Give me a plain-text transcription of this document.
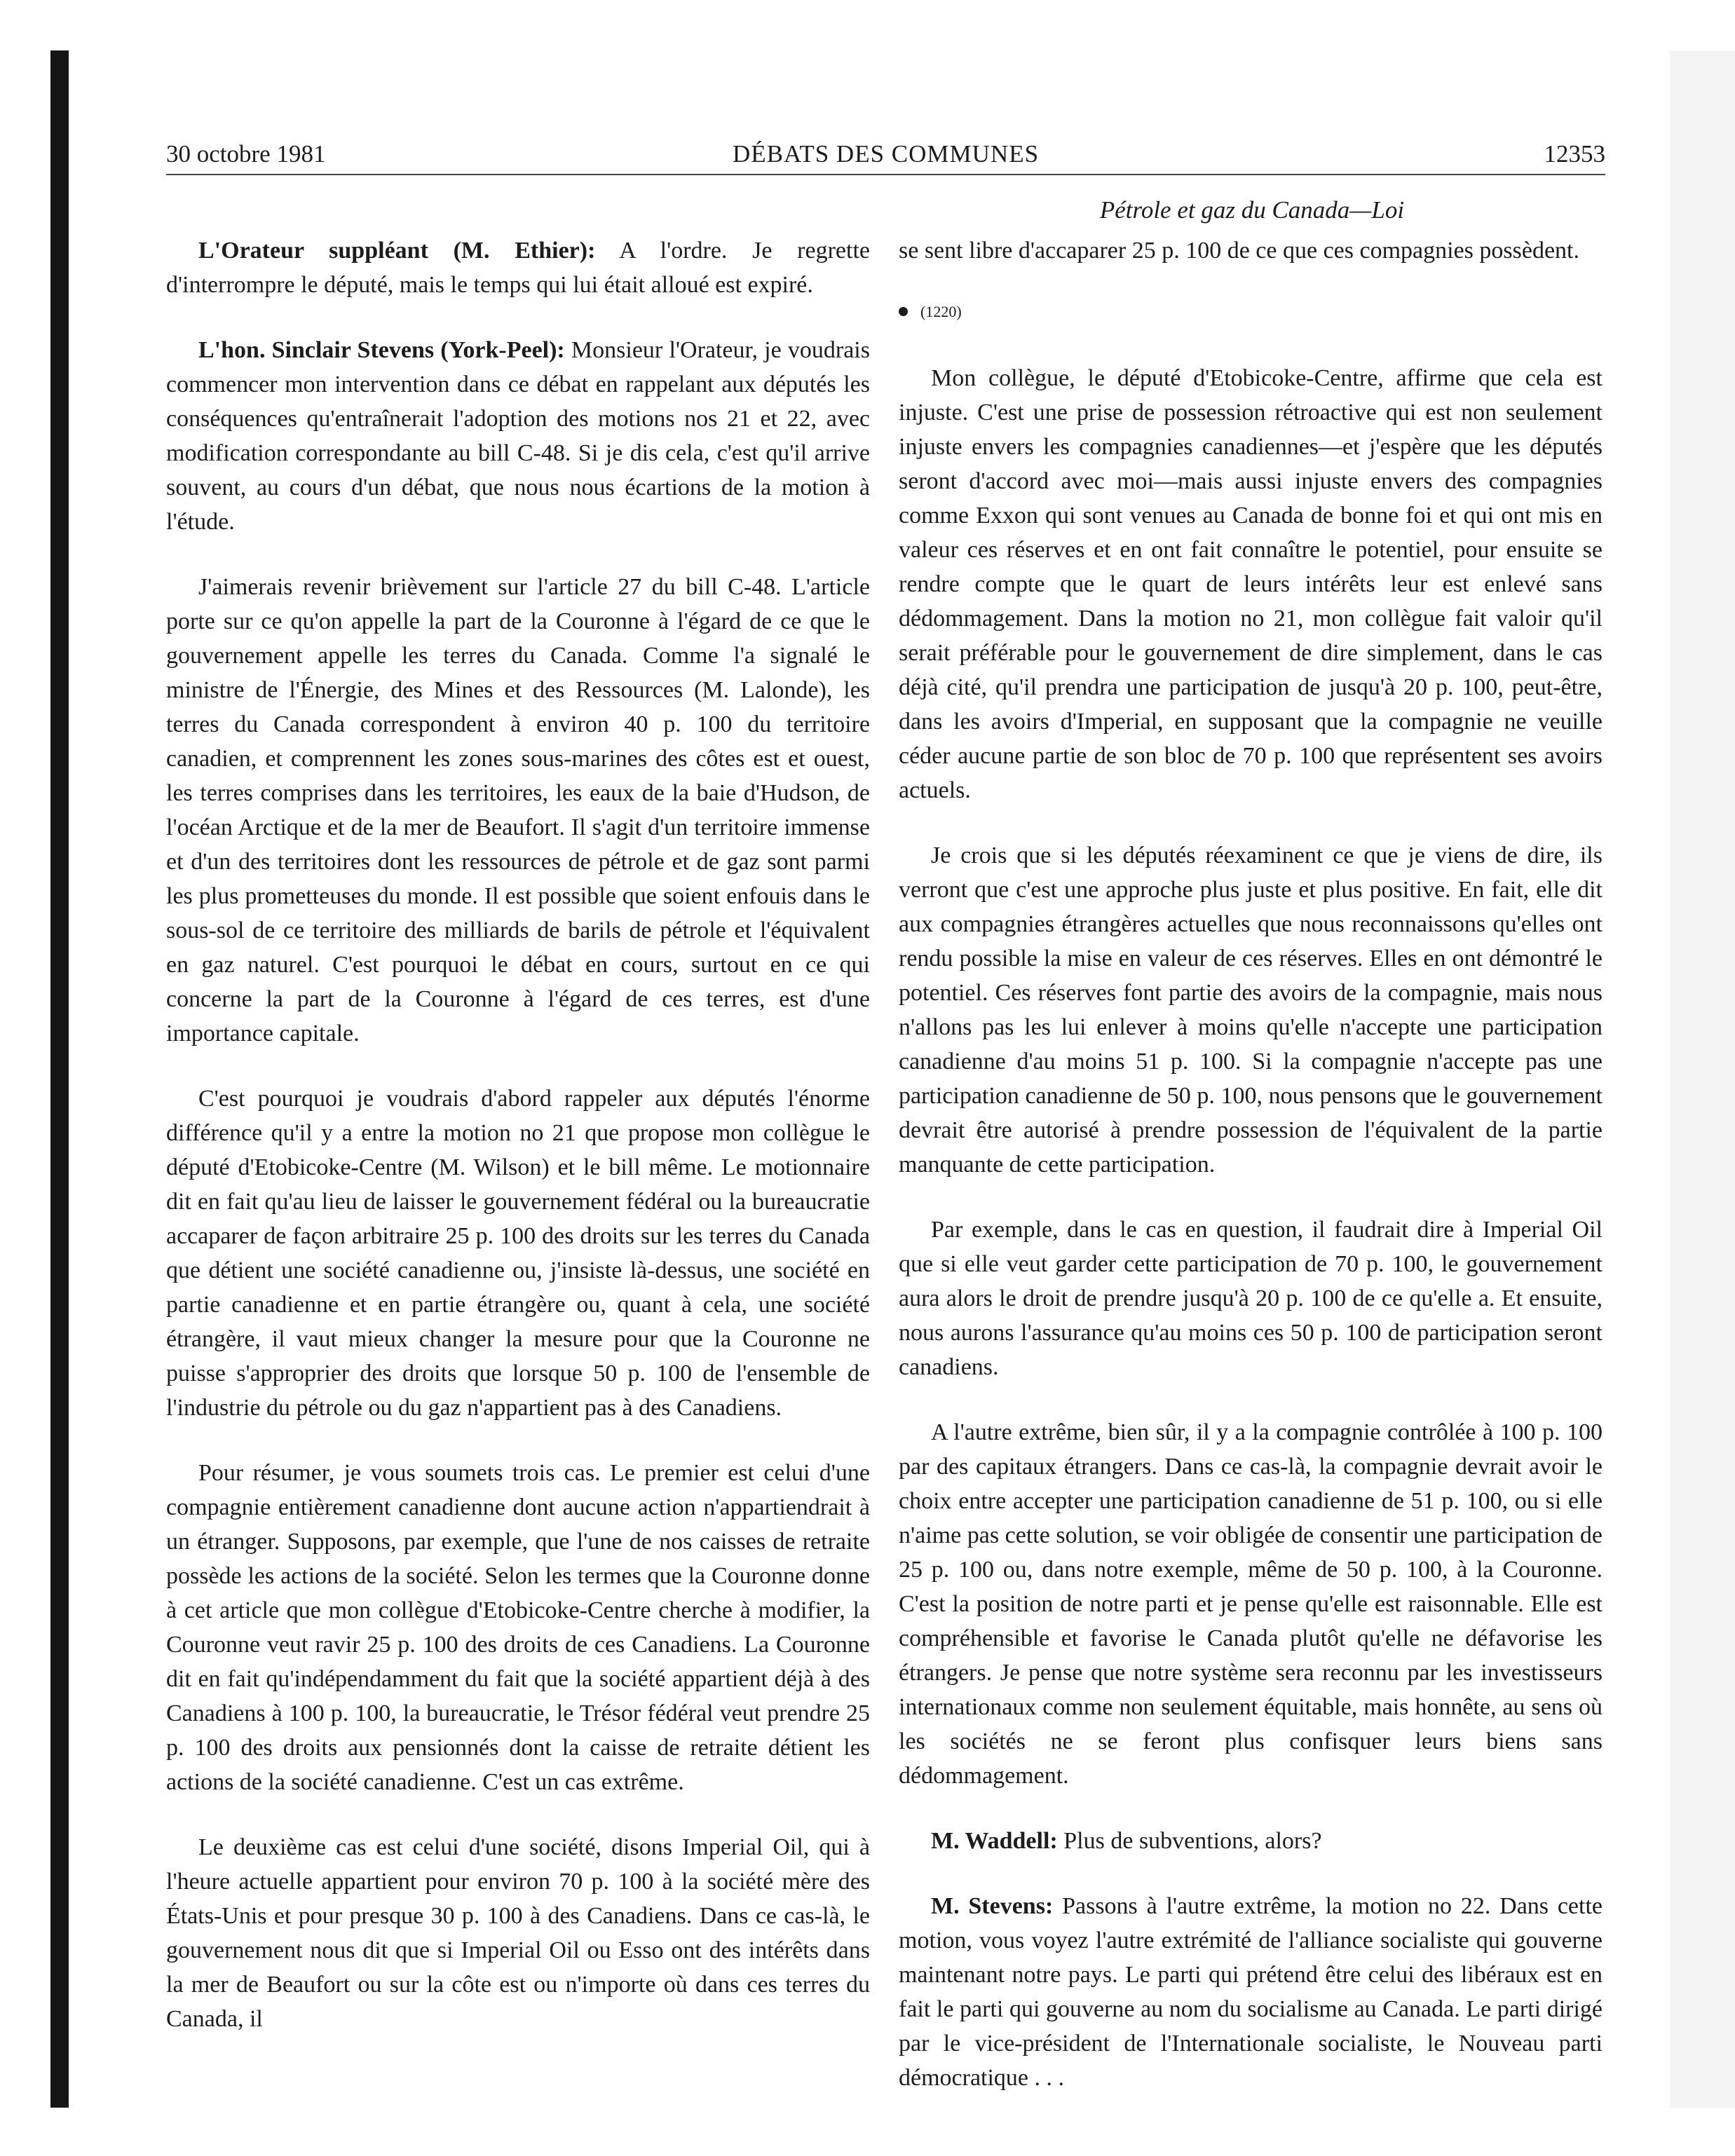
DÉBATS DES COMMUNES
30 octobre 1981	12353
Pétrole et gaz du Canada—Loi

L'Orateur suppléant (M. Ethier): A l'ordre. Je regrette d'interrompre le député, mais le temps qui lui était alloué est expiré.

L'hon. Sinclair Stevens (York-Peel): Monsieur l'Orateur, je voudrais commencer mon intervention dans ce débat en rappelant aux députés les conséquences qu'entraînerait l'adoption des motions nos 21 et 22, avec modification correspondante au bill C-48. Si je dis cela, c'est qu'il arrive souvent, au cours d'un débat, que nous nous écartions de la motion à l'étude.

J'aimerais revenir brièvement sur l'article 27 du bill C-48. L'article porte sur ce qu'on appelle la part de la Couronne à l'égard de ce que le gouvernement appelle les terres du Canada. Comme l'a signalé le ministre de l'Énergie, des Mines et des Ressources (M. Lalonde), les terres du Canada correspondent à environ 40 p. 100 du territoire canadien, et comprennent les zones sous-marines des côtes est et ouest, les terres comprises dans les territoires, les eaux de la baie d'Hudson, de l'océan Arctique et de la mer de Beaufort. Il s'agit d'un territoire immense et d'un des territoires dont les ressources de pétrole et de gaz sont parmi les plus prometteuses du monde. Il est possible que soient enfouis dans le sous-sol de ce territoire des milliards de barils de pétrole et l'équivalent en gaz naturel. C'est pourquoi le débat en cours, surtout en ce qui concerne la part de la Couronne à l'égard de ces terres, est d'une importance capitale.

C'est pourquoi je voudrais d'abord rappeler aux députés l'énorme différence qu'il y a entre la motion no 21 que propose mon collègue le député d'Etobicoke-Centre (M. Wilson) et le bill même. Le motionnaire dit en fait qu'au lieu de laisser le gouvernement fédéral ou la bureaucratie accaparer de façon arbitraire 25 p. 100 des droits sur les terres du Canada que détient une société canadienne ou, j'insiste là-dessus, une société en partie canadienne et en partie étrangère ou, quant à cela, une société étrangère, il vaut mieux changer la mesure pour que la Couronne ne puisse s'approprier des droits que lorsque 50 p. 100 de l'ensemble de l'industrie du pétrole ou du gaz n'appartient pas à des Canadiens.

Pour résumer, je vous soumets trois cas. Le premier est celui d'une compagnie entièrement canadienne dont aucune action n'appartiendrait à un étranger. Supposons, par exemple, que l'une de nos caisses de retraite possède les actions de la société. Selon les termes que la Couronne donne à cet article que mon collègue d'Etobicoke-Centre cherche à modifier, la Couronne veut ravir 25 p. 100 des droits de ces Canadiens. La Couronne dit en fait qu'indépendamment du fait que la société appartient déjà à des Canadiens à 100 p. 100, la bureaucratie, le Trésor fédéral veut prendre 25 p. 100 des droits aux pensionnés dont la caisse de retraite détient les actions de la société canadienne. C'est un cas extrême.

Le deuxième cas est celui d'une société, disons Imperial Oil, qui à l'heure actuelle appartient pour environ 70 p. 100 à la société mère des États-Unis et pour presque 30 p. 100 à des Canadiens. Dans ce cas-là, le gouvernement nous dit que si Imperial Oil ou Esso ont des intérêts dans la mer de Beaufort ou sur la côte est ou n'importe où dans ces terres du Canada, il

se sent libre d'accaparer 25 p. 100 de ce que ces compagnies possèdent.

(1220)

Mon collègue, le député d'Etobicoke-Centre, affirme que cela est injuste. C'est une prise de possession rétroactive qui est non seulement injuste envers les compagnies canadiennes—et j'espère que les députés seront d'accord avec moi—mais aussi injuste envers des compagnies comme Exxon qui sont venues au Canada de bonne foi et qui ont mis en valeur ces réserves et en ont fait connaître le potentiel, pour ensuite se rendre compte que le quart de leurs intérêts leur est enlevé sans dédommagement. Dans la motion no 21, mon collègue fait valoir qu'il serait préférable pour le gouvernement de dire simplement, dans le cas déjà cité, qu'il prendra une participation de jusqu'à 20 p. 100, peut-être, dans les avoirs d'Imperial, en supposant que la compagnie ne veuille céder aucune partie de son bloc de 70 p. 100 que représentent ses avoirs actuels.

Je crois que si les députés réexaminent ce que je viens de dire, ils verront que c'est une approche plus juste et plus positive. En fait, elle dit aux compagnies étrangères actuelles que nous reconnaissons qu'elles ont rendu possible la mise en valeur de ces réserves. Elles en ont démontré le potentiel. Ces réserves font partie des avoirs de la compagnie, mais nous n'allons pas les lui enlever à moins qu'elle n'accepte une participation canadienne d'au moins 51 p. 100. Si la compagnie n'accepte pas une participation canadienne de 50 p. 100, nous pensons que le gouvernement devrait être autorisé à prendre possession de l'équivalent de la partie manquante de cette participation.

Par exemple, dans le cas en question, il faudrait dire à Imperial Oil que si elle veut garder cette participation de 70 p. 100, le gouvernement aura alors le droit de prendre jusqu'à 20 p. 100 de ce qu'elle a. Et ensuite, nous aurons l'assurance qu'au moins ces 50 p. 100 de participation seront canadiens.

A l'autre extrême, bien sûr, il y a la compagnie contrôlée à 100 p. 100 par des capitaux étrangers. Dans ce cas-là, la compagnie devrait avoir le choix entre accepter une participation canadienne de 51 p. 100, ou si elle n'aime pas cette solution, se voir obligée de consentir une participation de 25 p. 100 ou, dans notre exemple, même de 50 p. 100, à la Couronne. C'est la position de notre parti et je pense qu'elle est raisonnable. Elle est compréhensible et favorise le Canada plutôt qu'elle ne défavorise les étrangers. Je pense que notre système sera reconnu par les investisseurs internationaux comme non seulement équitable, mais honnête, au sens où les sociétés ne se feront plus confisquer leurs biens sans dédommagement.

M. Waddell: Plus de subventions, alors?

M. Stevens: Passons à l'autre extrême, la motion no 22. Dans cette motion, vous voyez l'autre extrémité de l'alliance socialiste qui gouverne maintenant notre pays. Le parti qui prétend être celui des libéraux est en fait le parti qui gouverne au nom du socialisme au Canada. Le parti dirigé par le vice-président de l'Internationale socialiste, le Nouveau parti démocratique . . .
